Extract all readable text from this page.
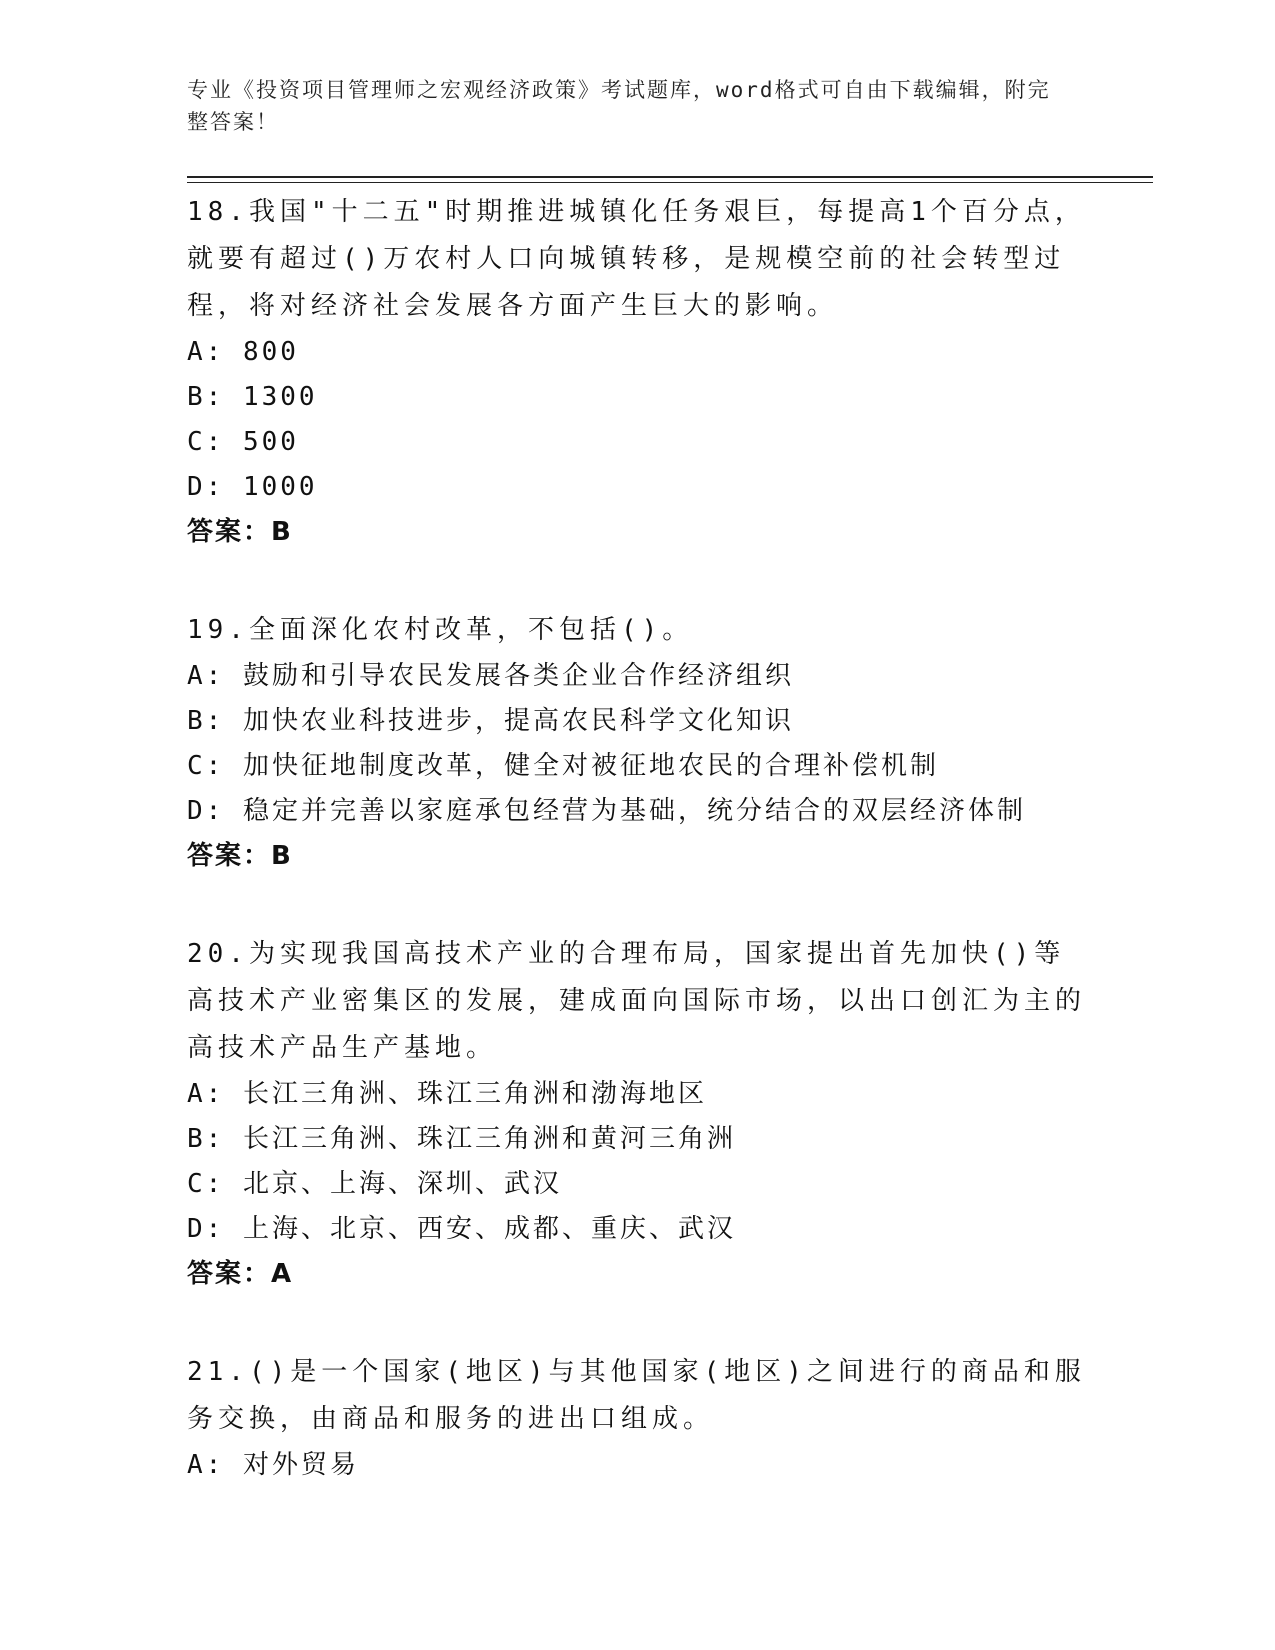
专业《投资项目管理师之宏观经济政策》考试题库，word格式可自由下载编辑，附完整答案！
18.我国"十二五"时期推进城镇化任务艰巨，每提高1个百分点，就要有超过()万农村人口向城镇转移，是规模空前的社会转型过程，将对经济社会发展各方面产生巨大的影响。
A: 800
B: 1300
C: 500
D: 1000
答案：B
19.全面深化农村改革，不包括()。
A: 鼓励和引导农民发展各类企业合作经济组织
B: 加快农业科技进步，提高农民科学文化知识
C: 加快征地制度改革，健全对被征地农民的合理补偿机制
D: 稳定并完善以家庭承包经营为基础，统分结合的双层经济体制
答案：B
20.为实现我国高技术产业的合理布局，国家提出首先加快()等高技术产业密集区的发展，建成面向国际市场，以出口创汇为主的高技术产品生产基地。
A: 长江三角洲、珠江三角洲和渤海地区
B: 长江三角洲、珠江三角洲和黄河三角洲
C: 北京、上海、深圳、武汉
D: 上海、北京、西安、成都、重庆、武汉
答案：A
21.()是一个国家(地区)与其他国家(地区)之间进行的商品和服务交换，由商品和服务的进出口组成。
A: 对外贸易
